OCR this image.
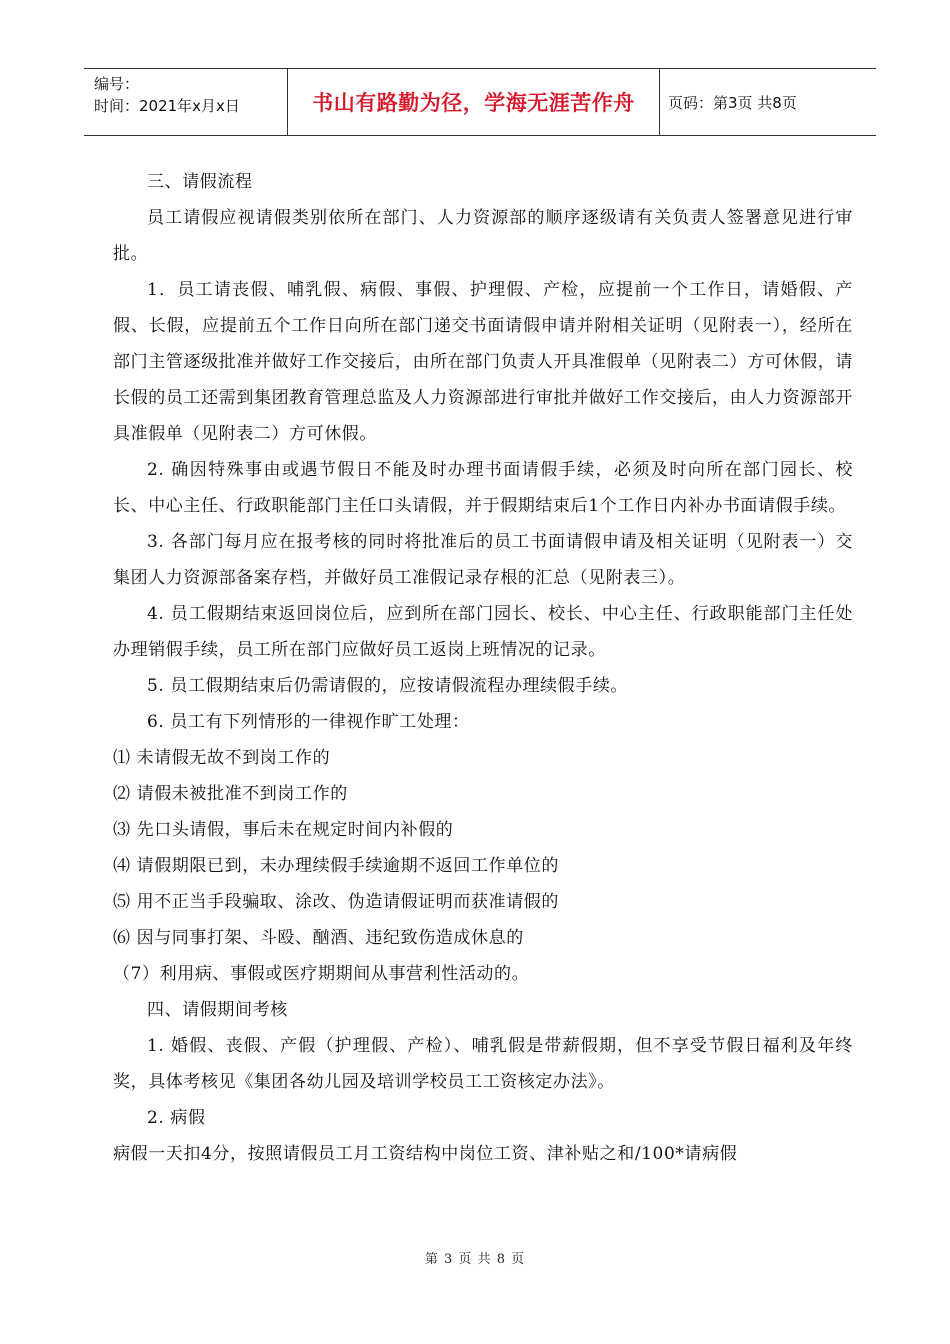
编号：
时间：2021年x月x日	书山有路勤为径，学海无涯苦作舟	页码：第3页 共8页

三、请假流程

员工请假应视请假类别依所在部门、人力资源部的顺序逐级请有关负责人签署意见进行审批。

1．员工请丧假、哺乳假、病假、事假、护理假、产检，应提前一个工作日，请婚假、产假、长假，应提前五个工作日向所在部门递交书面请假申请并附相关证明（见附表一），经所在部门主管逐级批准并做好工作交接后，由所在部门负责人开具准假单（见附表二）方可休假，请长假的员工还需到集团教育管理总监及人力资源部进行审批并做好工作交接后，由人力资源部开具准假单（见附表二）方可休假。

2. 确因特殊事由或遇节假日不能及时办理书面请假手续，必须及时向所在部门园长、校长、中心主任、行政职能部门主任口头请假，并于假期结束后1个工作日内补办书面请假手续。

3. 各部门每月应在报考核的同时将批准后的员工书面请假申请及相关证明（见附表一）交集团人力资源部备案存档，并做好员工准假记录存根的汇总（见附表三）。

4. 员工假期结束返回岗位后，应到所在部门园长、校长、中心主任、行政职能部门主任处办理销假手续，员工所在部门应做好员工返岗上班情况的记录。

5. 员工假期结束后仍需请假的，应按请假流程办理续假手续。

6. 员工有下列情形的一律视作旷工处理：

⑴ 未请假无故不到岗工作的

⑵ 请假未被批准不到岗工作的

⑶ 先口头请假，事后未在规定时间内补假的

⑷ 请假期限已到，未办理续假手续逾期不返回工作单位的

⑸ 用不正当手段骗取、涂改、伪造请假证明而获准请假的

⑹ 因与同事打架、斗殴、酗酒、违纪致伤造成休息的

（7）利用病、事假或医疗期期间从事营利性活动的。

四、请假期间考核

1. 婚假、丧假、产假（护理假、产检）、哺乳假是带薪假期，但不享受节假日福利及年终奖，具体考核见《集团各幼儿园及培训学校员工工资核定办法》。

2. 病假

病假一天扣4分，按照请假员工月工资结构中岗位工资、津补贴之和/100*请病假

第 3 页 共 8 页
